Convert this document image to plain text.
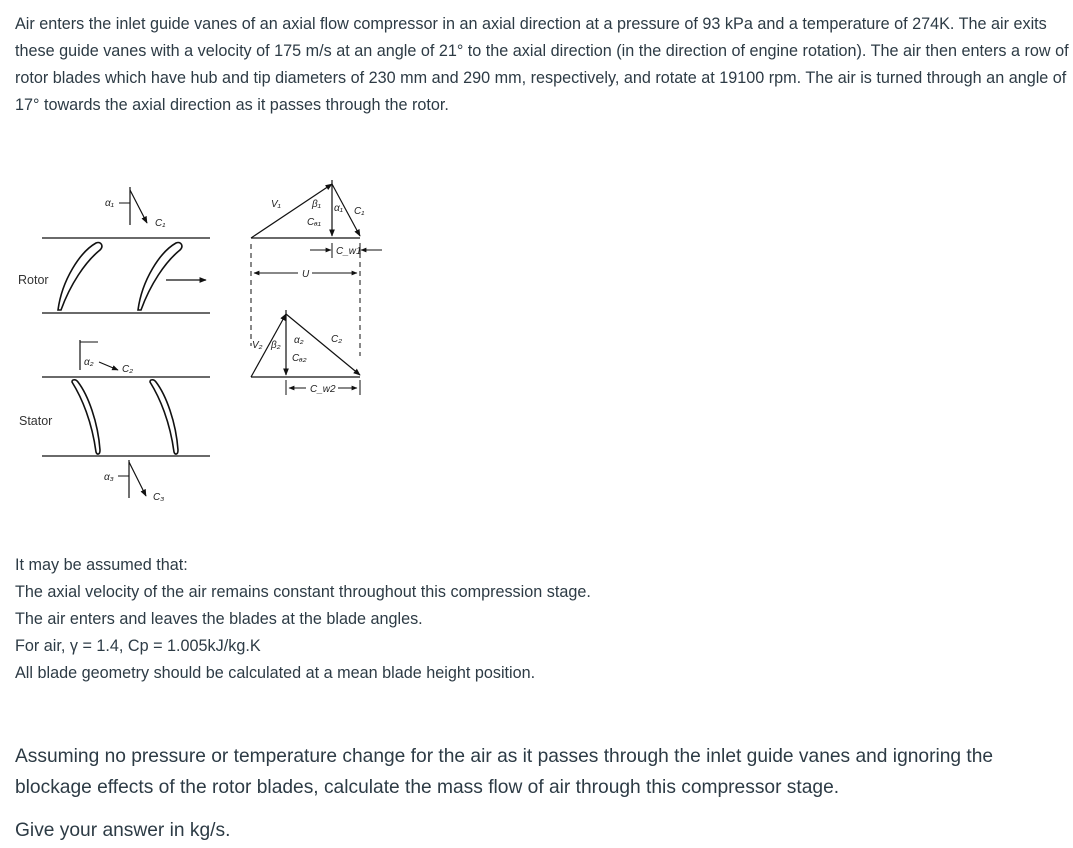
Air enters the inlet guide vanes of an axial flow compressor in an axial direction at a pressure of 93 kPa and a temperature of 274K. The air exits these guide vanes with a velocity of 175 m/s at an angle of 21° to the axial direction (in the direction of engine rotation). The air then enters a row of rotor blades which have hub and tip diameters of 230 mm and 290 mm, respectively, and rotate at 19100 rpm. The air is turned through an angle of 17° towards the axial direction as it passes through the rotor.

α₁
C₁
Rotor
α₂
C₂
Stator
α₃
C₃
V₁	β₁ α₁ C₁
Cₐ₁
C_w1
U
V₂ β₂ α₂	C₂
Cₐ₂
C_w2
It may be assumed that:
The axial velocity of the air remains constant throughout this compression stage.
The air enters and leaves the blades at the blade angles.
For air, γ = 1.4, Cp = 1.005kJ/kg.K
All blade geometry should be calculated at a mean blade height position.

Assuming no pressure or temperature change for the air as it passes through the inlet guide vanes and ignoring the blockage effects of the rotor blades, calculate the mass flow of air through this compressor stage.

Give your answer in kg/s.
